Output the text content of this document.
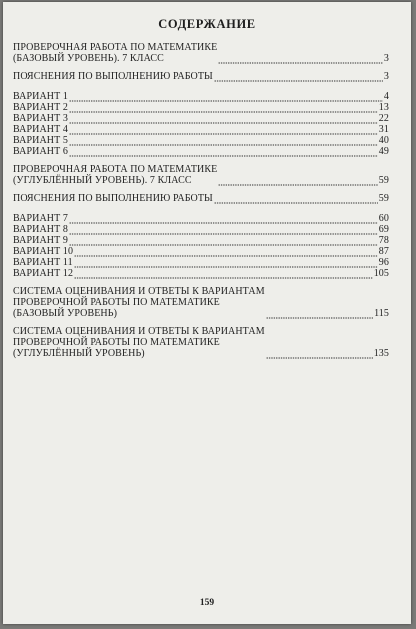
СОДЕРЖАНИЕ
ПРОВЕРОЧНАЯ РАБОТА ПО МАТЕМАТИКЕ
(БАЗОВЫЙ УРОВЕНЬ). 7 КЛАСС	3
ПОЯСНЕНИЯ ПО ВЫПОЛНЕНИЮ РАБОТЫ	3
ВАРИАНТ 1	4
ВАРИАНТ 2	13
ВАРИАНТ 3	22
ВАРИАНТ 4	31
ВАРИАНТ 5	40
ВАРИАНТ 6	49
ПРОВЕРОЧНАЯ РАБОТА ПО МАТЕМАТИКЕ
(УГЛУБЛЁННЫЙ УРОВЕНЬ). 7 КЛАСС	59
ПОЯСНЕНИЯ ПО ВЫПОЛНЕНИЮ РАБОТЫ	59
ВАРИАНТ 7	60
ВАРИАНТ 8	69
ВАРИАНТ 9	78
ВАРИАНТ 10	87
ВАРИАНТ 11	96
ВАРИАНТ 12	105
СИСТЕМА ОЦЕНИВАНИЯ И ОТВЕТЫ К ВАРИАНТАМ
ПРОВЕРОЧНОЙ РАБОТЫ ПО МАТЕМАТИКЕ
(БАЗОВЫЙ УРОВЕНЬ)	115
СИСТЕМА ОЦЕНИВАНИЯ И ОТВЕТЫ К ВАРИАНТАМ
ПРОВЕРОЧНОЙ РАБОТЫ ПО МАТЕМАТИКЕ
(УГЛУБЛЁННЫЙ УРОВЕНЬ)	135
159
